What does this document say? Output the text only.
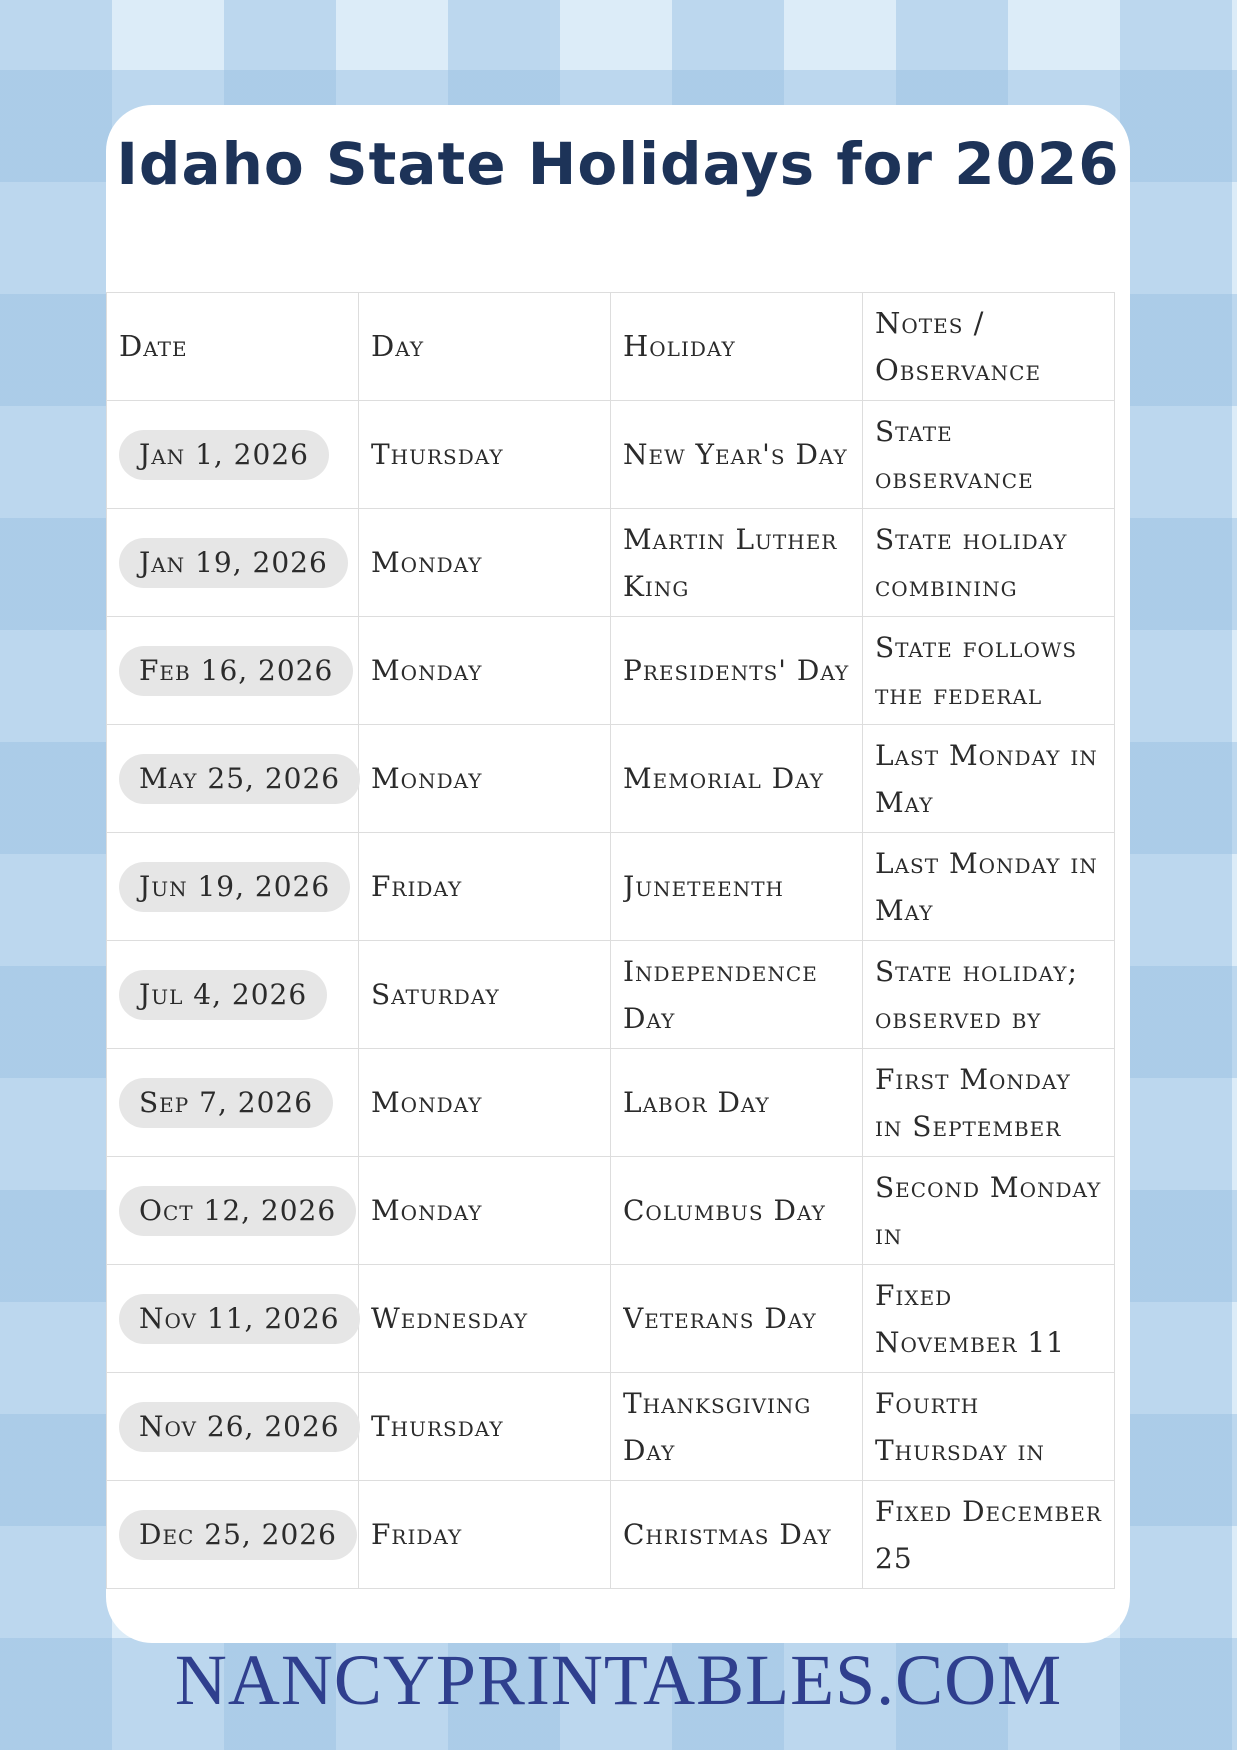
Idaho State Holidays for 2026
Date	Day	Holiday	Notes / Observance
Jan 1, 2026	Thursday	New Year's Day	State observance

Jan 19, 2026	Monday	Martin Luther King	State holiday combining

Feb 16, 2026	Monday	Presidents' Day	State follows the federal

May 25, 2026	Monday	Memorial Day	Last Monday in May

Jun 19, 2026	Friday	Juneteenth	Last Monday in May

Jul 4, 2026	Saturday	Independence Day	State holiday; observed by

Sep 7, 2026	Monday	Labor Day	First Monday in September

Oct 12, 2026	Monday	Columbus Day	Second Monday in

Nov 11, 2026	Wednesday	Veterans Day	Fixed November 11

Nov 26, 2026	Thursday	Thanksgiving Day	Fourth Thursday in

Dec 25, 2026	Friday	Christmas Day	Fixed December 25
NANCYPRINTABLES.COM
